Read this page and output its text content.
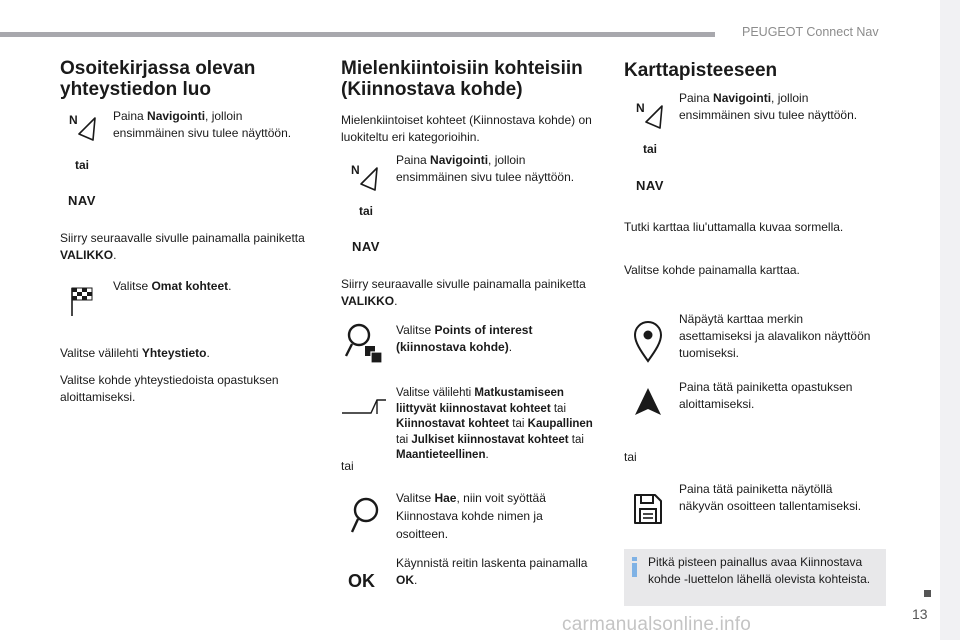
PEUGEOT Connect Nav
13
carmanualsonline.info
Osoitekirjassa olevan
yhteystiedon luo
N	Paina Navigointi, jolloin ensimmäinen sivu tulee näyttöön.

tai
NAV

Siirry seuraavalle sivulle painamalla painiketta VALIKKO.

Valitse Omat kohteet.

Valitse välilehti Yhteystieto.

Valitse kohde yhteystiedoista opastuksen aloittamiseksi.

Mielenkiintoisiin kohteisiin
(Kiinnostava kohde)

Mielenkiintoiset kohteet (Kiinnostava kohde) on luokiteltu eri kategorioihin.

N

Paina Navigointi, jolloin ensimmäinen sivu tulee näyttöön.

tai
NAV

Siirry seuraavalle sivulle painamalla painiketta VALIKKO.

Valitse Points of interest (kiinnostava kohde).

Valitse välilehti Matkustamiseen liittyvät kiinnostavat kohteet tai Kiinnostavat kohteet tai Kaupallinen tai Julkiset kiinnostavat kohteet tai Maantieteellinen.

tai

Valitse Hae, niin voit syöttää Kiinnostava kohde nimen ja osoitteen.

OK

Käynnistä reitin laskenta painamalla OK.

Karttapisteeseen
N

Paina Navigointi, jolloin ensimmäinen sivu tulee näyttöön.

tai
NAV

Tutki karttaa liu'uttamalla kuvaa sormella.

Valitse kohde painamalla karttaa.

Näpäytä karttaa merkin asettamiseksi ja alavalikon näyttöön tuomiseksi.

Paina tätä painiketta opastuksen aloittamiseksi.

tai

Paina tätä painiketta näytöllä näkyvän osoitteen tallentamiseksi.

Pitkä pisteen painallus avaa Kiinnostava kohde -luettelon lähellä olevista kohteista.
